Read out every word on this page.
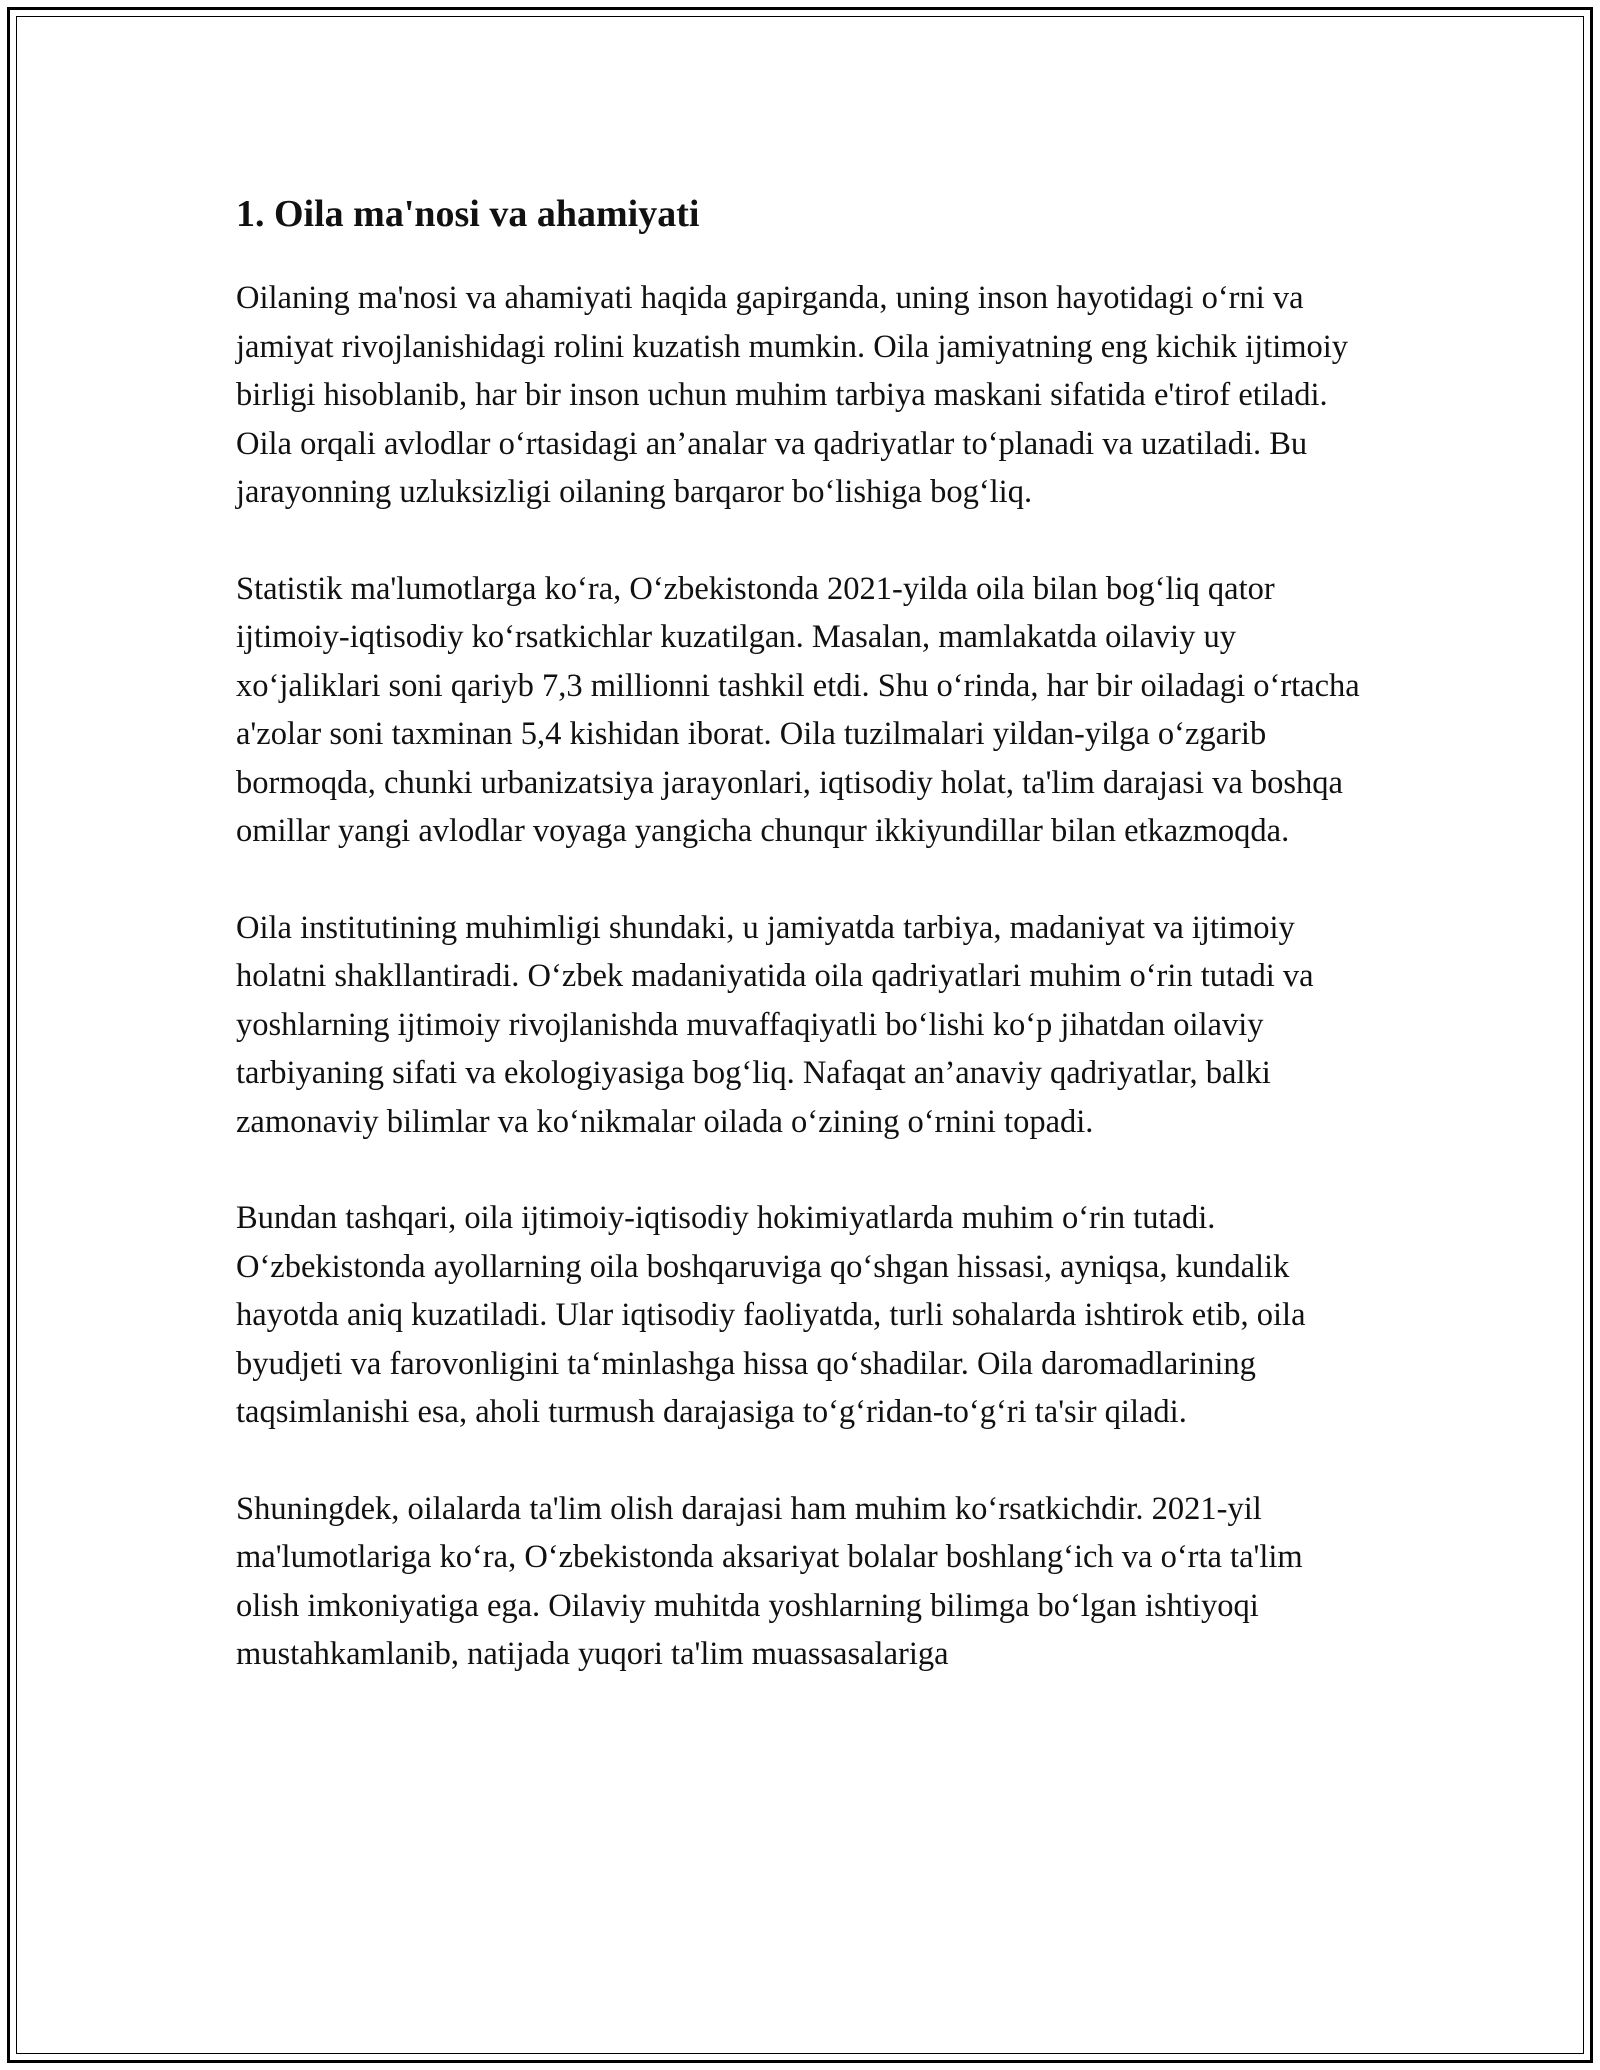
1. Oila ma'nosi va ahamiyati

Oilaning ma'nosi va ahamiyati haqida gapirganda, uning inson hayotidagi o‘rni va jamiyat rivojlanishidagi rolini kuzatish mumkin. Oila jamiyatning eng kichik ijtimoiy birligi hisoblanib, har bir inson uchun muhim tarbiya maskani sifatida e'tirof etiladi. Oila orqali avlodlar o‘rtasidagi an’analar va qadriyatlar to‘planadi va uzatiladi. Bu jarayonning uzluksizligi oilaning barqaror bo‘lishiga bog‘liq.

Statistik ma'lumotlarga ko‘ra, O‘zbekistonda 2021-yilda oila bilan bog‘liq qator ijtimoiy-iqtisodiy ko‘rsatkichlar kuzatilgan. Masalan, mamlakatda oilaviy uy xo‘jaliklari soni qariyb 7,3 millionni tashkil etdi. Shu o‘rinda, har bir oiladagi o‘rtacha a'zolar soni taxminan 5,4 kishidan iborat. Oila tuzilmalari yildan-yilga o‘zgarib bormoqda, chunki urbanizatsiya jarayonlari, iqtisodiy holat, ta'lim darajasi va boshqa omillar yangi avlodlar voyaga yangicha chunqur ikkiyundillar bilan etkazmoqda.

Oila institutining muhimligi shundaki, u jamiyatda tarbiya, madaniyat va ijtimoiy holatni shakllantiradi. O‘zbek madaniyatida oila qadriyatlari muhim o‘rin tutadi va yoshlarning ijtimoiy rivojlanishda muvaffaqiyatli bo‘lishi ko‘p jihatdan oilaviy tarbiyaning sifati va ekologiyasiga bog‘liq. Nafaqat an’anaviy qadriyatlar, balki zamonaviy bilimlar va ko‘nikmalar oilada o‘zining o‘rnini topadi.

Bundan tashqari, oila ijtimoiy-iqtisodiy hokimiyatlarda muhim o‘rin tutadi. O‘zbekistonda ayollarning oila boshqaruviga qo‘shgan hissasi, ayniqsa, kundalik hayotda aniq kuzatiladi. Ular iqtisodiy faoliyatda, turli sohalarda ishtirok etib, oila byudjeti va farovonligini ta‘minlashga hissa qo‘shadilar. Oila daromadlarining taqsimlanishi esa, aholi turmush darajasiga to‘g‘ridan-to‘g‘ri ta'sir qiladi.

Shuningdek, oilalarda ta'lim olish darajasi ham muhim ko‘rsatkichdir. 2021-yil ma'lumotlariga ko‘ra, O‘zbekistonda aksariyat bolalar boshlang‘ich va o‘rta ta'lim olish imkoniyatiga ega. Oilaviy muhitda yoshlarning bilimga bo‘lgan ishtiyoqi mustahkamlanib, natijada yuqori ta'lim muassasalariga
